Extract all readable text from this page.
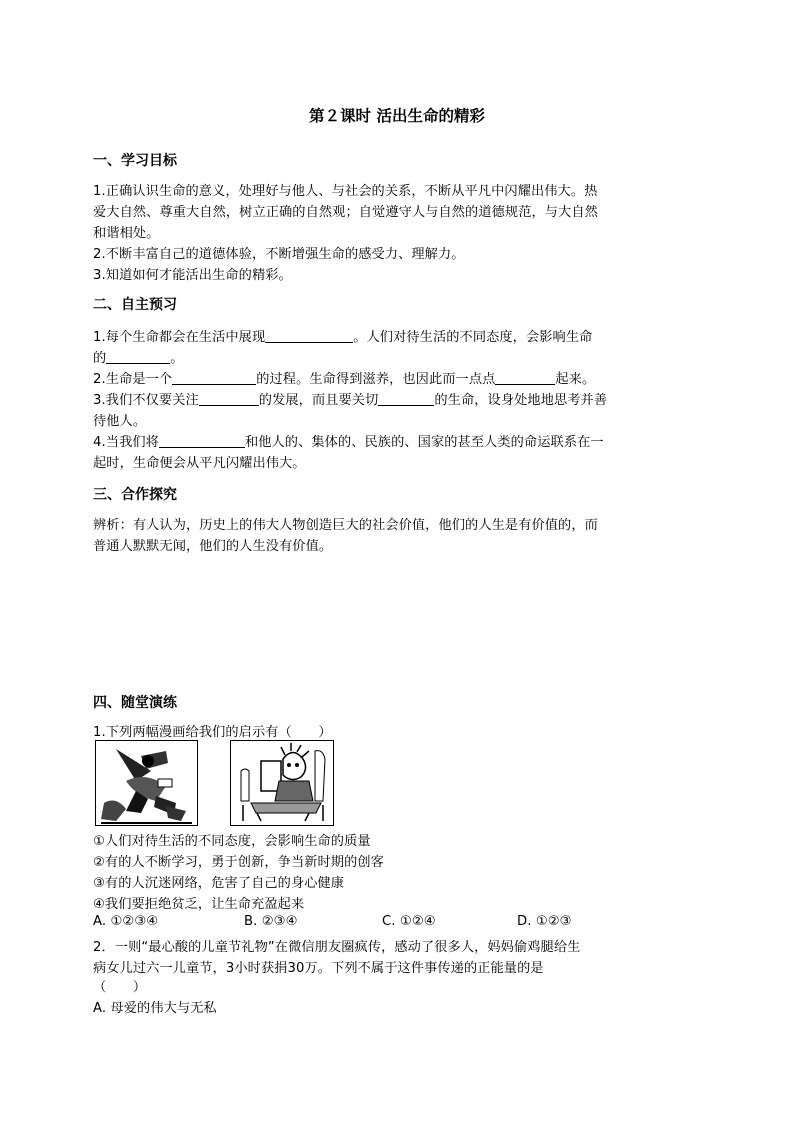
第２课时 活出生命的精彩
一、学习目标
1.正确认识生命的意义，处理好与他人、与社会的关系，不断从平凡中闪耀出伟大。热
爱大自然、尊重大自然，树立正确的自然观；自觉遵守人与自然的道德规范，与大自然
和谐相处。
2.不断丰富自己的道德体验，不断增强生命的感受力、理解力。
3.知道如何才能活出生命的精彩。
二、自主预习
1.每个生命都会在生活中展现	。人们对待生活的不同态度，会影响生命
的	。
2.生命是一个	的过程。生命得到滋养，也因此而一点点	起来。
3.我们不仅要关注	的发展，而且要关切	的生命，设身处地地思考并善
待他人。
4.当我们将	和他人的、集体的、民族的、国家的甚至人类的命运联系在一
起时，生命便会从平凡闪耀出伟大。
三、合作探究
辨析：有人认为，历史上的伟大人物创造巨大的社会价值，他们的人生是有价值的，而
普通人默默无闻，他们的人生没有价值。
四、随堂演练
1.下列两幅漫画给我们的启示有（　　）
①人们对待生活的不同态度，会影响生命的质量
②有的人不断学习，勇于创新，争当新时期的创客
③有的人沉迷网络，危害了自己的身心健康
④我们要拒绝贫乏，让生命充盈起来
A. ①②③④	B. ②③④	C. ①②④	D. ①②③
2．一则“最心酸的儿童节礼物”在微信朋友圈疯传，感动了很多人，妈妈偷鸡腿给生
病女儿过六一儿童节，3小时获捐30万。下列不属于这件事传递的正能量的是
（　　）
A. 母爱的伟大与无私
